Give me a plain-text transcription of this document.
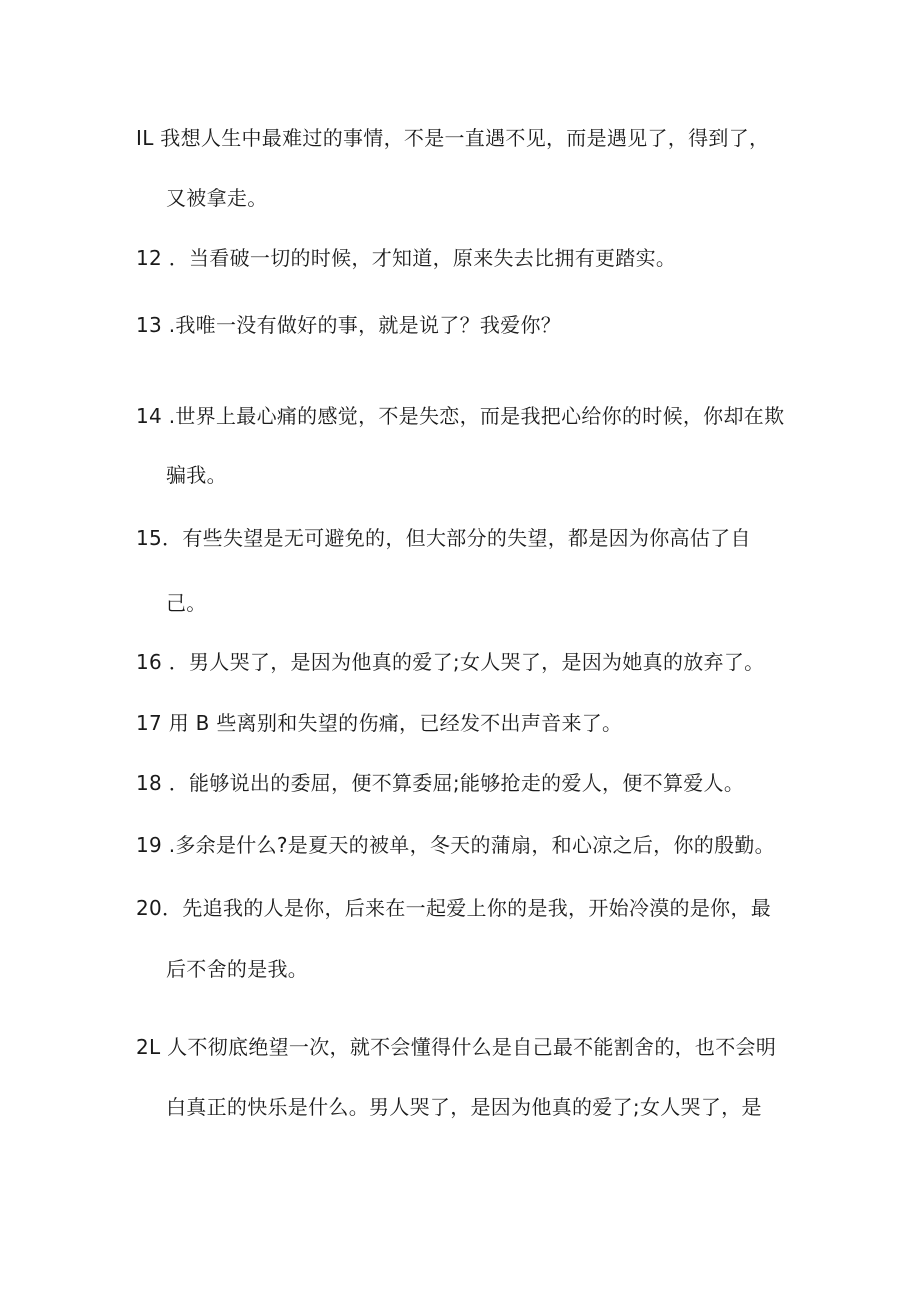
IL 我想人生中最难过的事情，不是一直遇不见，而是遇见了，得到了，
又被拿走。
12 ．当看破一切的时候，才知道，原来失去比拥有更踏实。
13 .我唯一没有做好的事，就是说了？我爱你？
14 .世界上最心痛的感觉，不是失恋，而是我把心给你的时候，你却在欺
骗我。
15．有些失望是无可避免的，但大部分的失望，都是因为你高估了自
己。
16 ．男人哭了，是因为他真的爱了;女人哭了，是因为她真的放弃了。
17 用 B 些离别和失望的伤痛，已经发不出声音来了。
18 ．能够说出的委屈，便不算委屈;能够抢走的爱人，便不算爱人。
19 .多余是什么?是夏天的被单，冬天的蒲扇，和心凉之后，你的殷勤。
20．先追我的人是你，后来在一起爱上你的是我，开始冷漠的是你，最
后不舍的是我。
2L 人不彻底绝望一次，就不会懂得什么是自己最不能割舍的，也不会明
白真正的快乐是什么。男人哭了，是因为他真的爱了;女人哭了，是
